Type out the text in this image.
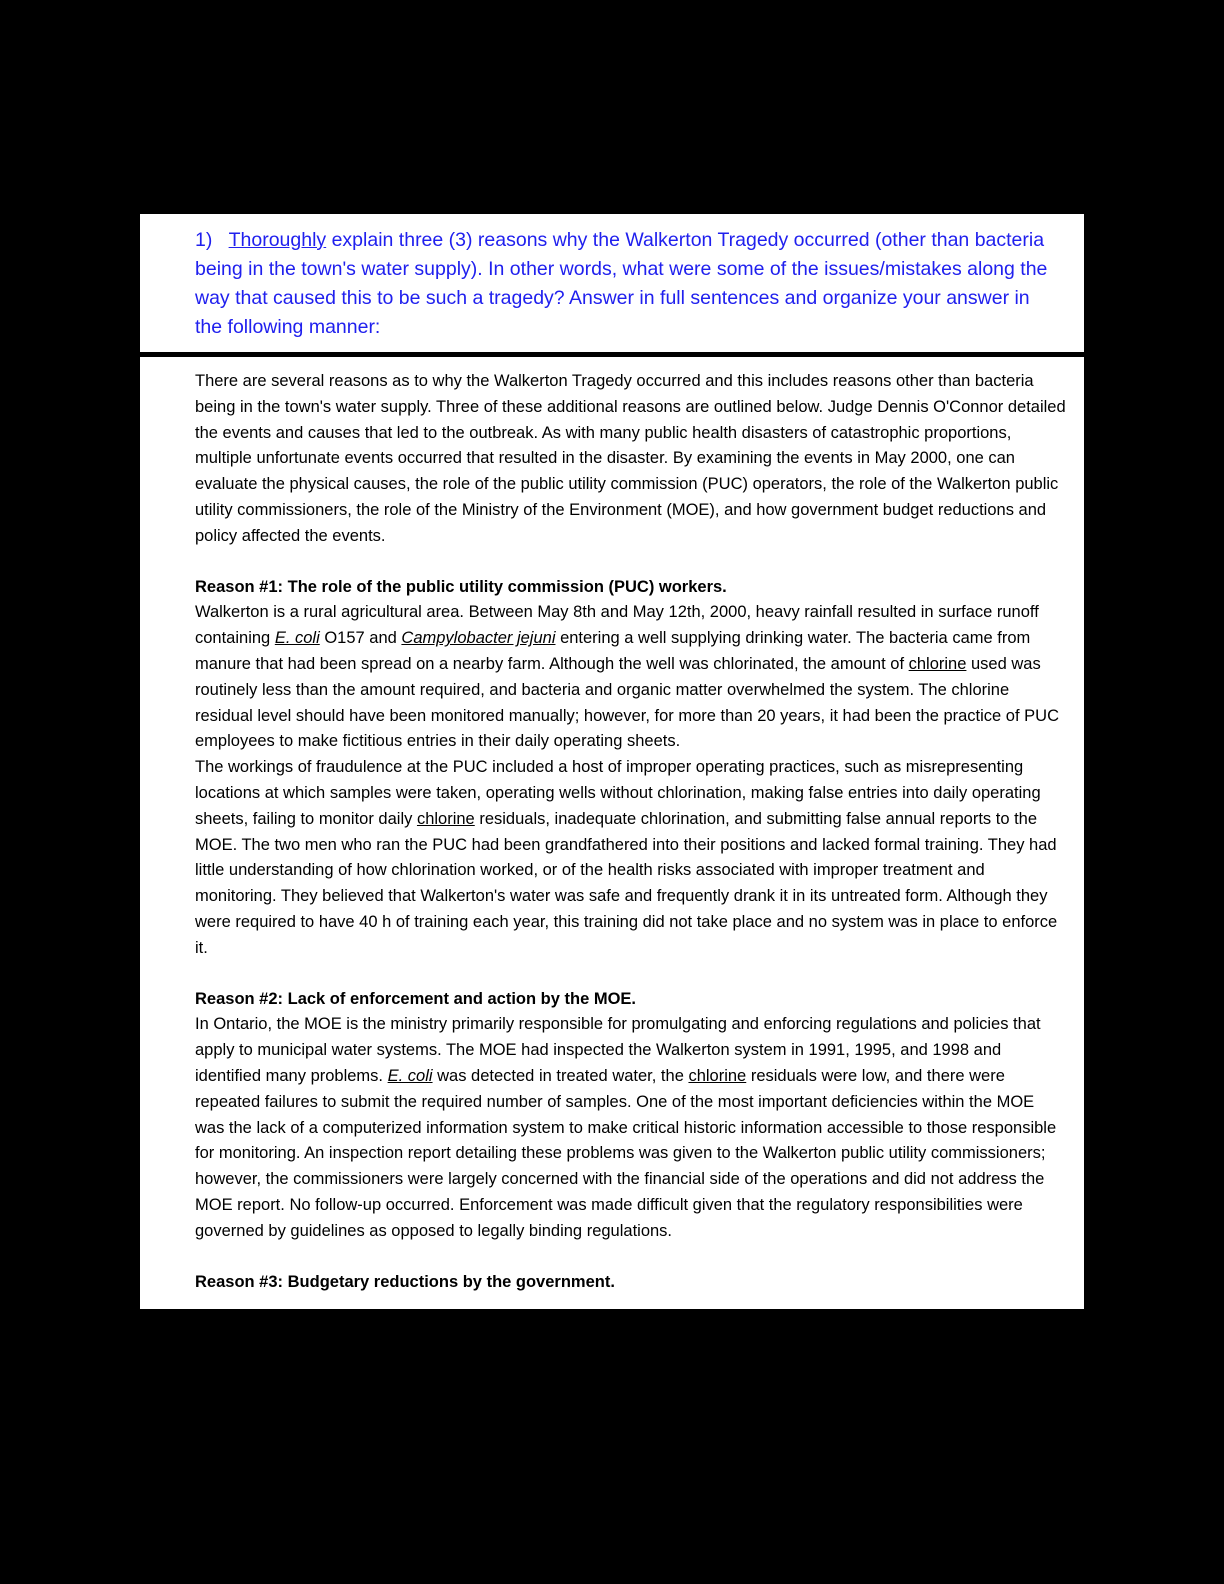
1) Thoroughly explain three (3) reasons why the Walkerton Tragedy occurred (other than bacteria being in the town's water supply). In other words, what were some of the issues/mistakes along the way that caused this to be such a tragedy? Answer in full sentences and organize your answer in the following manner:

There are several reasons as to why the Walkerton Tragedy occurred and this includes reasons other than bacteria being in the town's water supply. Three of these additional reasons are outlined below. Judge Dennis O'Connor detailed the events and causes that led to the outbreak. As with many public health disasters of catastrophic proportions, multiple unfortunate events occurred that resulted in the disaster. By examining the events in May 2000, one can evaluate the physical causes, the role of the public utility commission (PUC) operators, the role of the Walkerton public utility commissioners, the role of the Ministry of the Environment (MOE), and how government budget reductions and policy affected the events.

Reason #1: The role of the public utility commission (PUC) workers.

Walkerton is a rural agricultural area. Between May 8th and May 12th, 2000, heavy rainfall resulted in surface runoff containing E. coli O157 and Campylobacter jejuni entering a well supplying drinking water. The bacteria came from manure that had been spread on a nearby farm. Although the well was chlorinated, the amount of chlorine used was routinely less than the amount required, and bacteria and organic matter overwhelmed the system. The chlorine residual level should have been monitored manually; however, for more than 20 years, it had been the practice of PUC employees to make fictitious entries in their daily operating sheets.

The workings of fraudulence at the PUC included a host of improper operating practices, such as misrepresenting locations at which samples were taken, operating wells without chlorination, making false entries into daily operating sheets, failing to monitor daily chlorine residuals, inadequate chlorination, and submitting false annual reports to the MOE. The two men who ran the PUC had been grandfathered into their positions and lacked formal training. They had little understanding of how chlorination worked, or of the health risks associated with improper treatment and monitoring. They believed that Walkerton's water was safe and frequently drank it in its untreated form. Although they were required to have 40 h of training each year, this training did not take place and no system was in place to enforce it.

Reason #2: Lack of enforcement and action by the MOE.

In Ontario, the MOE is the ministry primarily responsible for promulgating and enforcing regulations and policies that apply to municipal water systems. The MOE had inspected the Walkerton system in 1991, 1995, and 1998 and identified many problems. E. coli was detected in treated water, the chlorine residuals were low, and there were repeated failures to submit the required number of samples. One of the most important deficiencies within the MOE was the lack of a computerized information system to make critical historic information accessible to those responsible for monitoring. An inspection report detailing these problems was given to the Walkerton public utility commissioners; however, the commissioners were largely concerned with the financial side of the operations and did not address the MOE report. No follow-up occurred. Enforcement was made difficult given that the regulatory responsibilities were governed by guidelines as opposed to legally binding regulations.

Reason #3: Budgetary reductions by the government.
